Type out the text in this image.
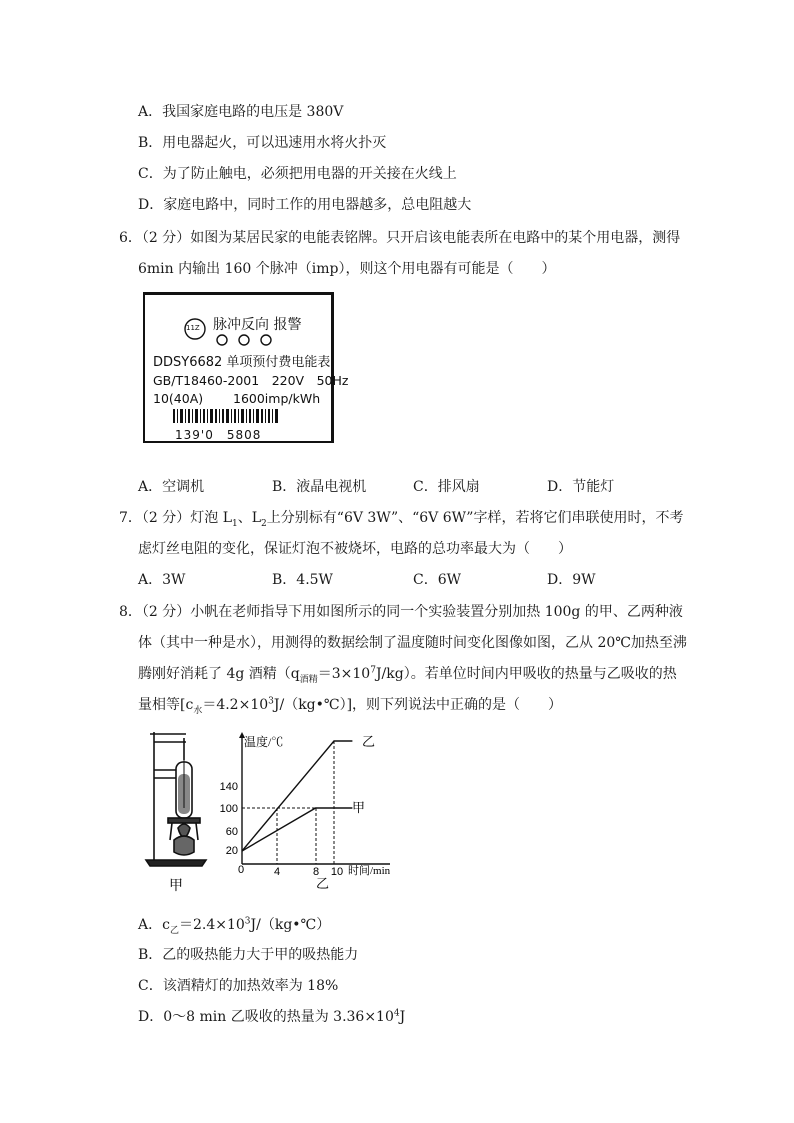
A．我国家庭电路的电压是 380V
B．用电器起火，可以迅速用水将火扑灭
C．为了防止触电，必须把用电器的开关接在火线上
D．家庭电路中，同时工作的用电器越多，总电阻越大
6．（2 分）如图为某居民家的电能表铭牌。只开启该电能表所在电路中的某个用电器，测得
6min 内输出 160 个脉冲（imp），则这个用电器有可能是（　　）
11Z 脉冲反向 报警
DDSY6682 单项预付费电能表
GB/T18460-2001　220V　50Hz
10(40A) 1600imp/kWh
139'0　5808
A．空调机	B．液晶电视机	C．排风扇	D．节能灯
7．（2 分）灯泡 $L_1$、$L_2$上分别标有“6V 3W”、“6V 6W”字样，若将它们串联使用时，不考
虑灯丝电阻的变化，保证灯泡不被烧坏，电路的总功率最大为（　　）
A．3W	B．4.5W	C．6W	D．9W
8．（2 分）小帆在老师指导下用如图所示的同一个实验装置分别加热 100g 的甲、乙两种液
体（其中一种是水），用测得的数据绘制了温度随时间变化图像如图，乙从 20℃加热至沸
腾刚好消耗了 4g 酒精$(q_{酒精}=3\times 10^7J/kg)$。若单位时间内甲吸收的热量与乙吸收的热
量相等$[c_水=4.2\times 10^3J/(kg•℃)]$，则下列说法中正确的是（　　）
甲
温度/℃
时间/min
0	4	8 10
20
60
100
140
乙
甲
乙
A．$c_乙=2.4\times 10^3J/(kg•℃)$
B．乙的吸热能力大于甲的吸热能力
C．该酒精灯的加热效率为 18%
D．0～8 min 乙吸收的热量为 $3.36\times 10^4J$
